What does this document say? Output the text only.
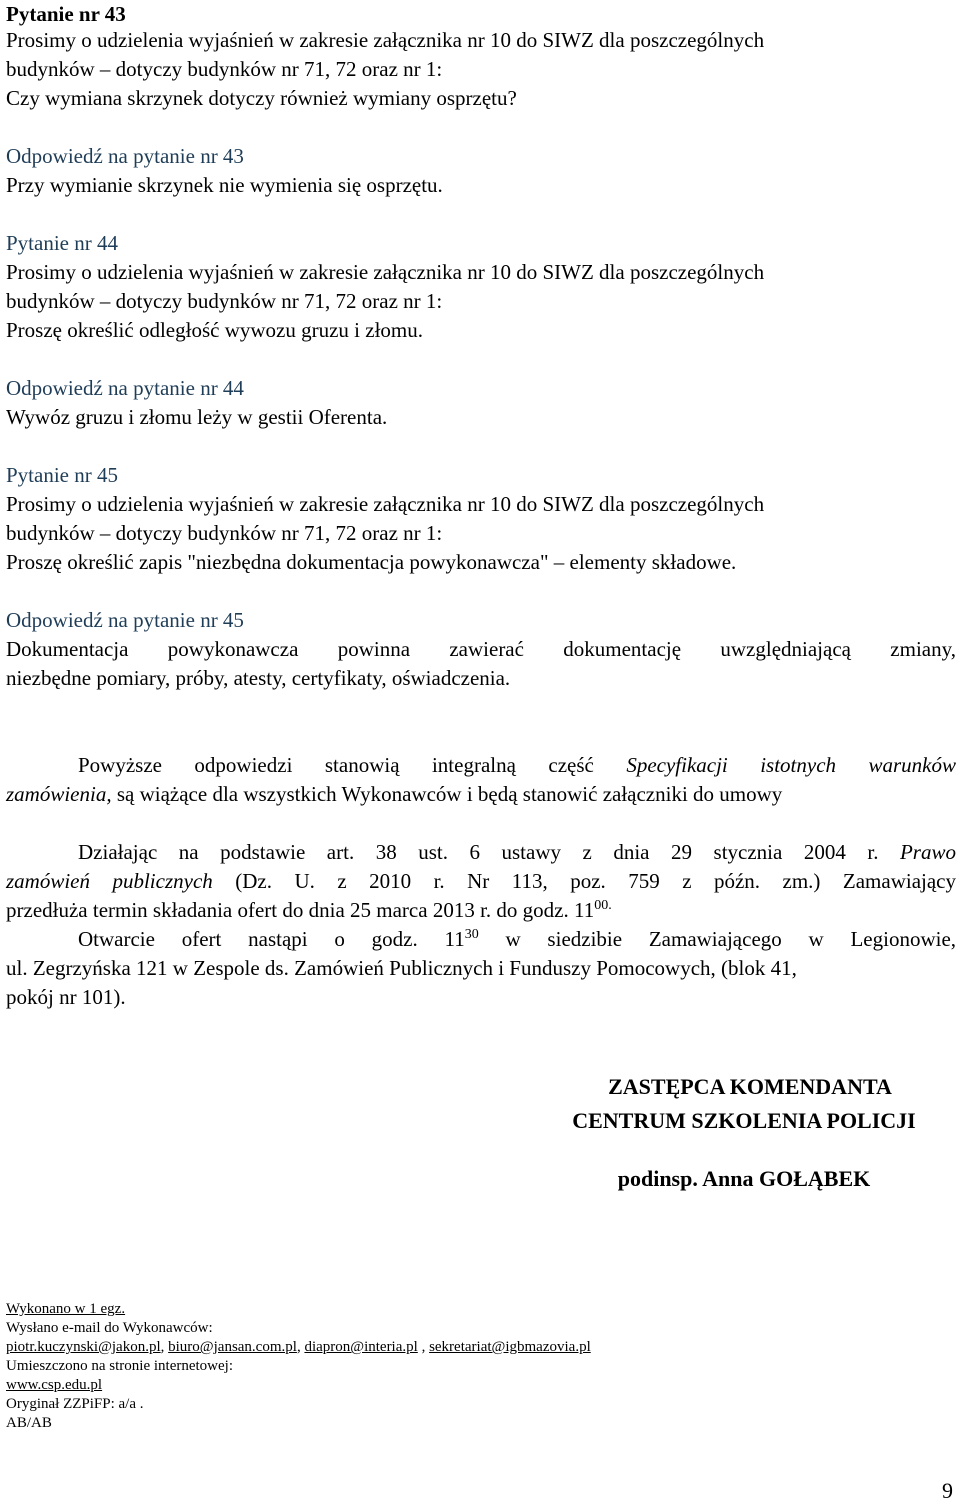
Pytanie nr 43
Prosimy o udzielenia wyjaśnień w zakresie załącznika nr 10 do SIWZ dla poszczególnych
budynków – dotyczy budynków nr 71, 72 oraz nr 1:
Czy wymiana skrzynek dotyczy również wymiany osprzętu?
Odpowiedź na pytanie nr 43
Przy wymianie skrzynek nie wymienia się osprzętu.
Pytanie nr 44
Prosimy o udzielenia wyjaśnień w zakresie załącznika nr 10 do SIWZ dla poszczególnych
budynków – dotyczy budynków nr 71, 72 oraz nr 1:
Proszę określić odległość wywozu gruzu i złomu.
Odpowiedź na pytanie nr 44
Wywóz gruzu i złomu leży w gestii Oferenta.
Pytanie nr 45
Prosimy o udzielenia wyjaśnień w zakresie załącznika nr 10 do SIWZ dla poszczególnych
budynków – dotyczy budynków nr 71, 72 oraz nr 1:
Proszę określić zapis "niezbędna dokumentacja powykonawcza" – elementy składowe.
Odpowiedź na pytanie nr 45
Dokumentacja powykonawcza powinna zawierać dokumentację uwzględniającą zmiany,
niezbędne pomiary, próby, atesty, certyfikaty, oświadczenia.
Powyższe odpowiedzi stanowią integralną część Specyfikacji istotnych warunków
zamówienia, są wiążące dla wszystkich Wykonawców i będą stanowić załączniki do umowy
Działając na podstawie art. 38 ust. 6 ustawy z dnia 29 stycznia 2004 r. Prawo
zamówień publicznych (Dz. U. z 2010 r. Nr 113, poz. 759 z późn. zm.) Zamawiający
przedłuża termin składania ofert do dnia 25 marca 2013 r. do godz. $11^{00.}$
Otwarcie ofert nastąpi o godz. $11^{30}$ w siedzibie Zamawiającego w Legionowie,
ul. Zegrzyńska 121 w Zespole ds. Zamówień Publicznych i Funduszy Pomocowych, (blok 41,
pokój nr 101).
ZASTĘPCA KOMENDANTA
CENTRUM SZKOLENIA POLICJI
podinsp. Anna GOŁĄBEK
Wykonano w 1 egz.
Wysłano e-mail do Wykonawców:
piotr.kuczynski@jakon.pl, biuro@jansan.com.pl, diapron@interia.pl , sekretariat@igbmazovia.pl
Umieszczono na stronie internetowej:
www.csp.edu.pl
Oryginał ZZPiFP: a/a .
AB/AB
9
